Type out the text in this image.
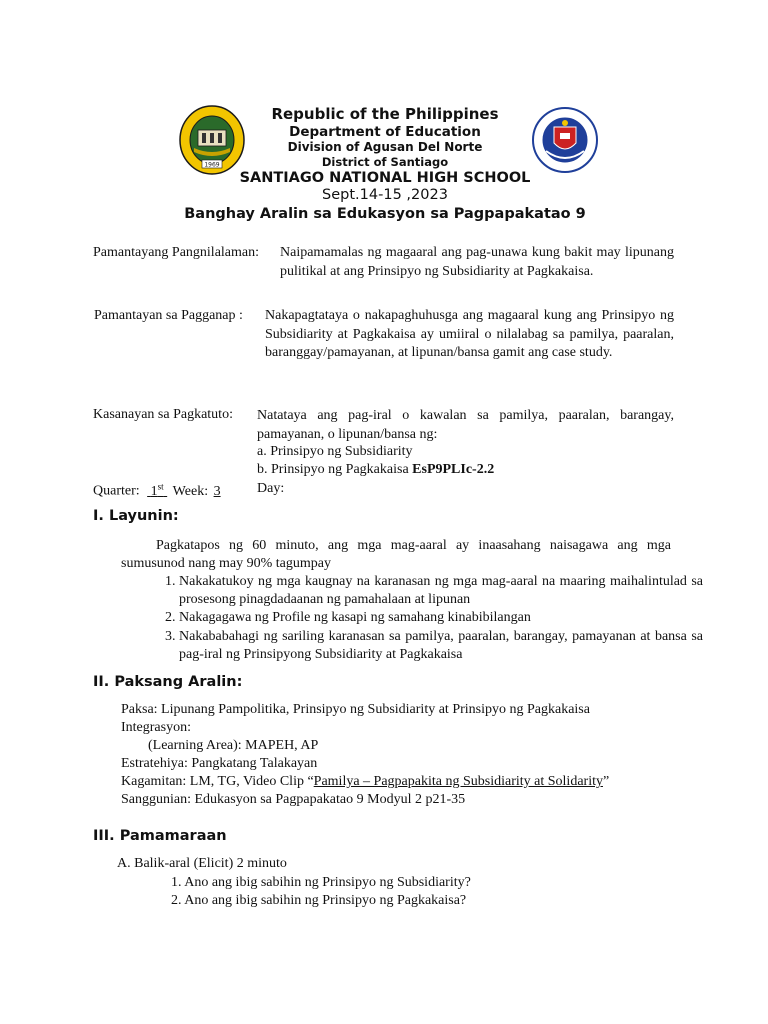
1969
Republic of the Philippines
Department of Education
Division of Agusan Del Norte
District of Santiago
SANTIAGO NATIONAL HIGH SCHOOL
Sept.14-15 ,2023
Banghay Aralin sa Edukasyon sa Pagpapakatao 9
Pamantayang Pangnilalaman: Naipamamalas ng magaaral ang pag-unawa kung bakit may lipunang pulitikal at ang Prinsipyo ng Subsidiarity at Pagkakaisa.
Pamantayan sa Pagganap : Nakapagtataya o nakapaghuhusga ang magaaral kung ang Prinsipyo ng Subsidiarity at Pagkakaisa ay umiiral o nilalabag sa pamilya, paaralan, baranggay/pamayanan, at lipunan/bansa gamit ang case study.
Kasanayan sa Pagkatuto: Natataya ang pag-iral o kawalan sa pamilya, paaralan, barangay, pamayanan, o lipunan/bansa ng:
a. Prinsipyo ng Subsidiarity
b. Prinsipyo ng Pagkakaisa EsP9PLIc-2.2
Quarter: 1st Week: 3	Day:
I. Layunin:
Pagkatapos ng 60 minuto, ang mga mag-aaral ay inaasahang naisagawa ang mga sumusunod nang may 90% tagumpay
1. Nakakatukoy ng mga kaugnay na karanasan ng mga mag-aaral na maaring maihalintulad sa prosesong pinagdadaanan ng pamahalaan at lipunan
2. Nakagagawa ng Profile ng kasapi ng samahang kinabibilangan
3. Nakababahagi ng sariling karanasan sa pamilya, paaralan, barangay, pamayanan at bansa sa pag-iral ng Prinsipyong Subsidiarity at Pagkakaisa
II. Paksang Aralin:
Paksa: Lipunang Pampolitika, Prinsipyo ng Subsidiarity at Prinsipyo ng Pagkakaisa
Integrasyon:
(Learning Area): MAPEH, AP
Estratehiya: Pangkatang Talakayan
Kagamitan: LM, TG, Video Clip “Pamilya – Pagpapakita ng Subsidiarity at Solidarity”
Sanggunian: Edukasyon sa Pagpapakatao 9 Modyul 2 p21-35
III. Pamamaraan
A. Balik-aral (Elicit) 2 minuto
1. Ano ang ibig sabihin ng Prinsipyo ng Subsidiarity?
2. Ano ang ibig sabihin ng Prinsipyo ng Pagkakaisa?
